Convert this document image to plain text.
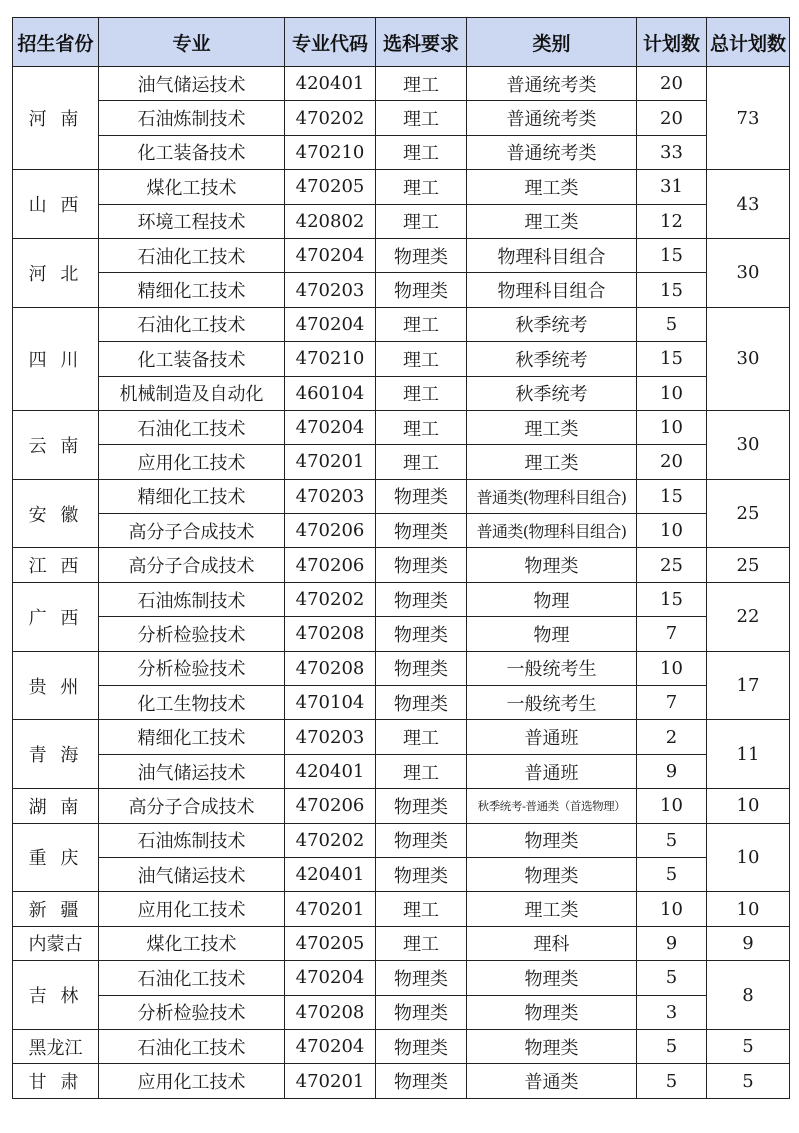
招生省份	专业	专业代码	选科要求	类别	计划数	总计划数
河 南	油气储运技术	420401	理工	普通统考类	20	73
	石油炼制技术	470202	理工	普通统考类	20	
	化工装备技术	470210	理工	普通统考类	33	
山 西	煤化工技术	470205	理工	理工类	31	43
	环境工程技术	420802	理工	理工类	12	
河 北	石油化工技术	470204	物理类	物理科目组合	15	30
	精细化工技术	470203	物理类	物理科目组合	15	
四 川	石油化工技术	470204	理工	秋季统考	5	30
	化工装备技术	470210	理工	秋季统考	15	
	机械制造及自动化	460104	理工	秋季统考	10	
云 南	石油化工技术	470204	理工	理工类	10	30
	应用化工技术	470201	理工	理工类	20	
安 徽	精细化工技术	470203	物理类	普通类(物理科目组合)	15	25
	高分子合成技术	470206	物理类	普通类(物理科目组合)	10	
江 西	高分子合成技术	470206	物理类	物理类	25	25
广 西	石油炼制技术	470202	物理类	物理	15	22
	分析检验技术	470208	物理类	物理	7	
贵 州	分析检验技术	470208	物理类	一般统考生	10	17
	化工生物技术	470104	物理类	一般统考生	7	
青 海	精细化工技术	470203	理工	普通班	2	11
	油气储运技术	420401	理工	普通班	9	
湖 南	高分子合成技术	470206	物理类	秋季统考-普通类（首选物理）	10	10
重 庆	石油炼制技术	470202	物理类	物理类	5	10
	油气储运技术	420401	物理类	物理类	5	
新 疆	应用化工技术	470201	理工	理工类	10	10
内蒙古	煤化工技术	470205	理工	理科	9	9
吉 林	石油化工技术	470204	物理类	物理类	5	8
	分析检验技术	470208	物理类	物理类	3	
黑龙江	石油化工技术	470204	物理类	物理类	5	5
甘 肃	应用化工技术	470201	物理类	普通类	5	5
